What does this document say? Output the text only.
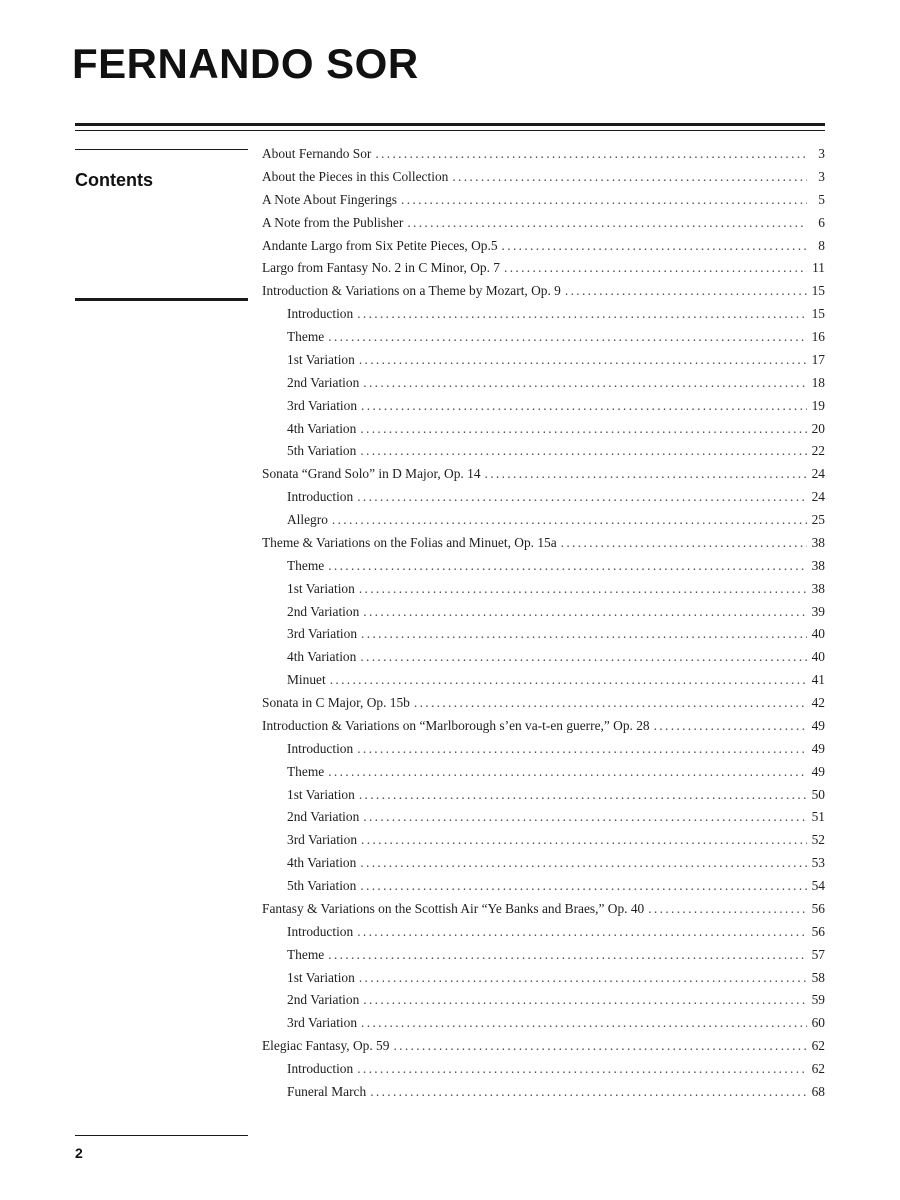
FERNANDO SOR
Contents
About Fernando Sor . . .	3
About the Pieces in this Collection . . .	3
A Note About Fingerings . . .	5
A Note from the Publisher . . .	6
Andante Largo from Six Petite Pieces, Op.5 . . .	8
Largo from Fantasy No. 2 in C Minor, Op. 7 . . .	11
Introduction & Variations on a Theme by Mozart, Op. 9 . . .	15
Introduction . . .	15
Theme . . .	16
1st Variation . . .	17
2nd Variation . . .	18
3rd Variation . . .	19
4th Variation . . .	20
5th Variation . . .	22
Sonata “Grand Solo” in D Major, Op. 14 . . .	24
Introduction . . .	24
Allegro . . .	25
Theme & Variations on the Folias and Minuet, Op. 15a . . .	38
Theme . . .	38
1st Variation . . .	38
2nd Variation . . .	39
3rd Variation . . .	40
4th Variation . . .	40
Minuet . . .	41
Sonata in C Major, Op. 15b . . .	42
Introduction & Variations on “Marlborough s’en va-t-en guerre,” Op. 28 . . .	49
Introduction . . .	49
Theme . . .	49
1st Variation . . .	50
2nd Variation . . .	51
3rd Variation . . .	52
4th Variation . . .	53
5th Variation . . .	54
Fantasy & Variations on the Scottish Air “Ye Banks and Braes,” Op. 40 . . .	56
Introduction . . .	56
Theme . . .	57
1st Variation . . .	58
2nd Variation . . .	59
3rd Variation . . .	60
Elegiac Fantasy, Op. 59 . . .	62
Introduction . . .	62
Funeral March . . .	68
2
